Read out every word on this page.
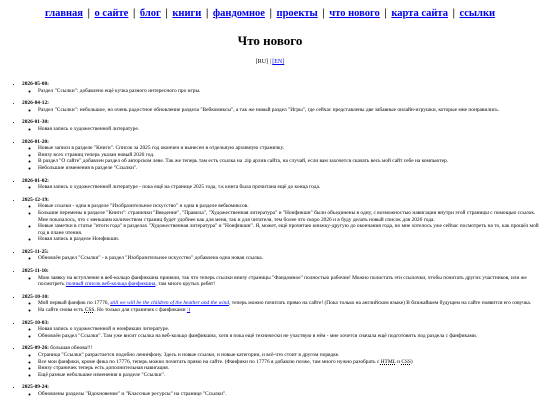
главная | о сайте | блог | книги | фандомное | проекты | что нового | карта сайта | ссылки
Что нового
[RU] | [EN]
• 2026-05-08:
◦ Раздел "Ссылки": добавлено ещё кучка разного интересного про игры.
• 2026-04-12:
◦ Раздел "Ссылки": небольшое, но очень радостное обновление раздела "Вебкомиксы", а так же новый раздел "Игры", где сейчас представлены две забавные онлайн-игрушки, которые мне понравились.
• 2026-01-30:
◦ Новая запись о художественной литературе.
• 2026-01-20:
◦ Новые записи в разделе "Книги". Список за 2025 год окончен и вынесен в отдельную архивную страничку.
◦ Внизу всех страниц теперь указан новый 2026 год.
◦ В раздел "О сайте" добавлен раздел об авторском леве. Так же теперь там есть ссылка на .zip архив сайта, на случай, если вам захочется скачать весь мой сайт себе на компьютер.
◦ Небольшие изменения в разделе "Ссылки".
• 2026-01-02:
◦ Новая запись о художественной литературе - пока ещё на странице 2025 года, т.к книга была прочитана ещё до конца года.
• 2025-12-19:
◦ Новые ссылки - одна в разделе "Изобразительное искусство" и одна в разделе вебкомиксов.
◦ Большие перемены в разделе "Книги": странички "Введение", "Правила", "Художественная литература" и "Нонфикшн" были объединены в одну, с возможностью навигации внутри этой страницы с помощью ссылок. Мне показалось, что с меньшим количеством страниц будет удобнее как для меня, так и для читателя, тем более что скоро 2026 и я буду делать новый список для 2026 года.
◦ Новые заметки в статье "итоги года" в разделах "Художественная литература" и "Нонфикшн". Я, может, ещё прочитаю книжку-другую до окончания года, но мне хотелось уже сейчас посмотреть на то, как прошёл мой год в плане чтения.
◦ Новая запись в разделе Нонфикшн.
• 2025-11-25:
◦ Обновлён раздел "Ссылки" - в раздел "Изобразительное искусство" добавлена одна новая ссылка.
• 2025-11-10:
◦ Мою заявку на вступление в веб-кольцо фанфикшна приняли, так что теперь ссылки внизу страницы "Фандомное" полностью рабочие! Можно полистать эти ссылочки, чтобы почитать других участников, или же посмотреть полный список веб-кольца фанфикшна, там много крутых ребят!
• 2025-10-10:
◦ Мой первый фанфик по 17776, still we will be the children of the heather and the wind, теперь можно почитать прямо на сайте! (Пока только на английском языке) В ближайшем будущем на сайте появится его озвучка.
◦ На сайте снова есть CSS. Но только для страничек с фанфиками :)
• 2025-10-03:
◦ Новая запись о художественной и нонфикшн литературе.
◦ Обновлён раздел "Ссылки". Там уже висит ссылка на веб-кольцо фанфикшна, хотя я пока ещё технически не участвую в нём - мне хочется сначала ещё подготовить под раздела с фанфиками.
• 2025-09-26: большая обнова!!!
◦ Страница "Ссылки" разрастается подобно ленинфону. Здесь и новые ссылки, и новые категории, и всё-что стоит в другом порядке.
◦ Все мои фанфики, кроме фикa по 17776, теперь можно почитать прямо на сайте. (Фанфики по 17776 я добавлю позже, там много нужно разобрать с HTML и CSS)
◦ Внизу страничек теперь есть дополнительная навигация.
◦ Ещё разные небольшие изменения в разделе "Ссылки".
• 2025-09-24:
◦ Обновлены разделы "Вдохновение" и "Классные ресурсы" на странице "Ссылки".
